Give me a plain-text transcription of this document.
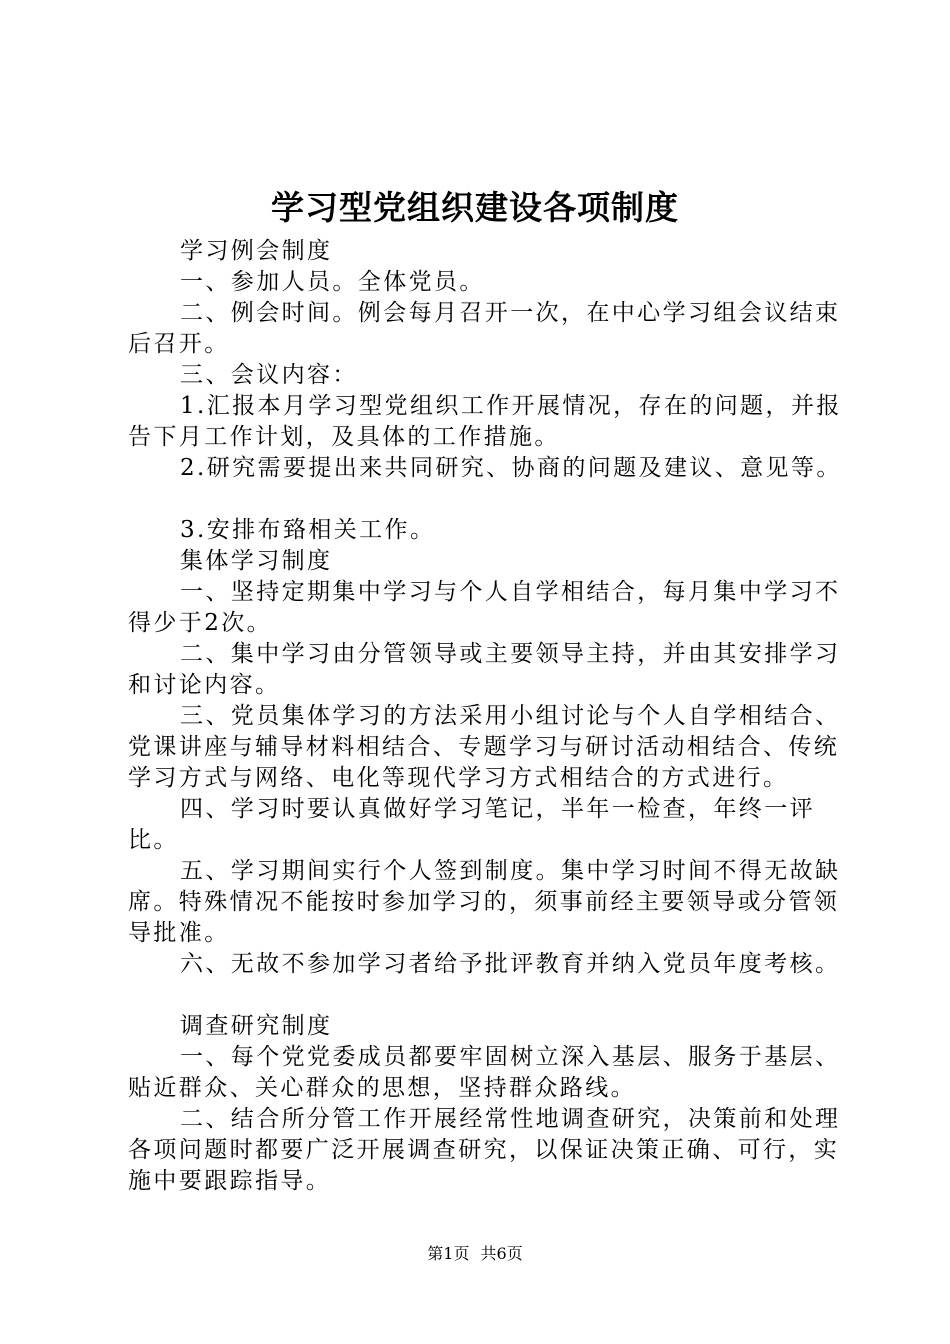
学习型党组织建设各项制度

学习例会制度

一、参加人员。全体党员。

二、例会时间。例会每月召开一次，在中心学习组会议结束后召开。

三、会议内容：

1.汇报本月学习型党组织工作开展情况，存在的问题，并报告下月工作计划，及具体的工作措施。

2.研究需要提出来共同研究、协商的问题及建议、意见等。

3.安排布臵相关工作。

集体学习制度

一、坚持定期集中学习与个人自学相结合，每月集中学习不得少于2次。

二、集中学习由分管领导或主要领导主持，并由其安排学习和讨论内容。

三、党员集体学习的方法采用小组讨论与个人自学相结合、党课讲座与辅导材料相结合、专题学习与研讨活动相结合、传统学习方式与网络、电化等现代学习方式相结合的方式进行。

四、学习时要认真做好学习笔记，半年一检查，年终一评比。

五、学习期间实行个人签到制度。集中学习时间不得无故缺席。特殊情况不能按时参加学习的，须事前经主要领导或分管领导批准。

六、无故不参加学习者给予批评教育并纳入党员年度考核。

调查研究制度

一、每个党党委成员都要牢固树立深入基层、服务于基层、贴近群众、关心群众的思想，坚持群众路线。

二、结合所分管工作开展经常性地调查研究，决策前和处理各项问题时都要广泛开展调查研究，以保证决策正确、可行，实施中要跟踪指导。

第1页 共6页
